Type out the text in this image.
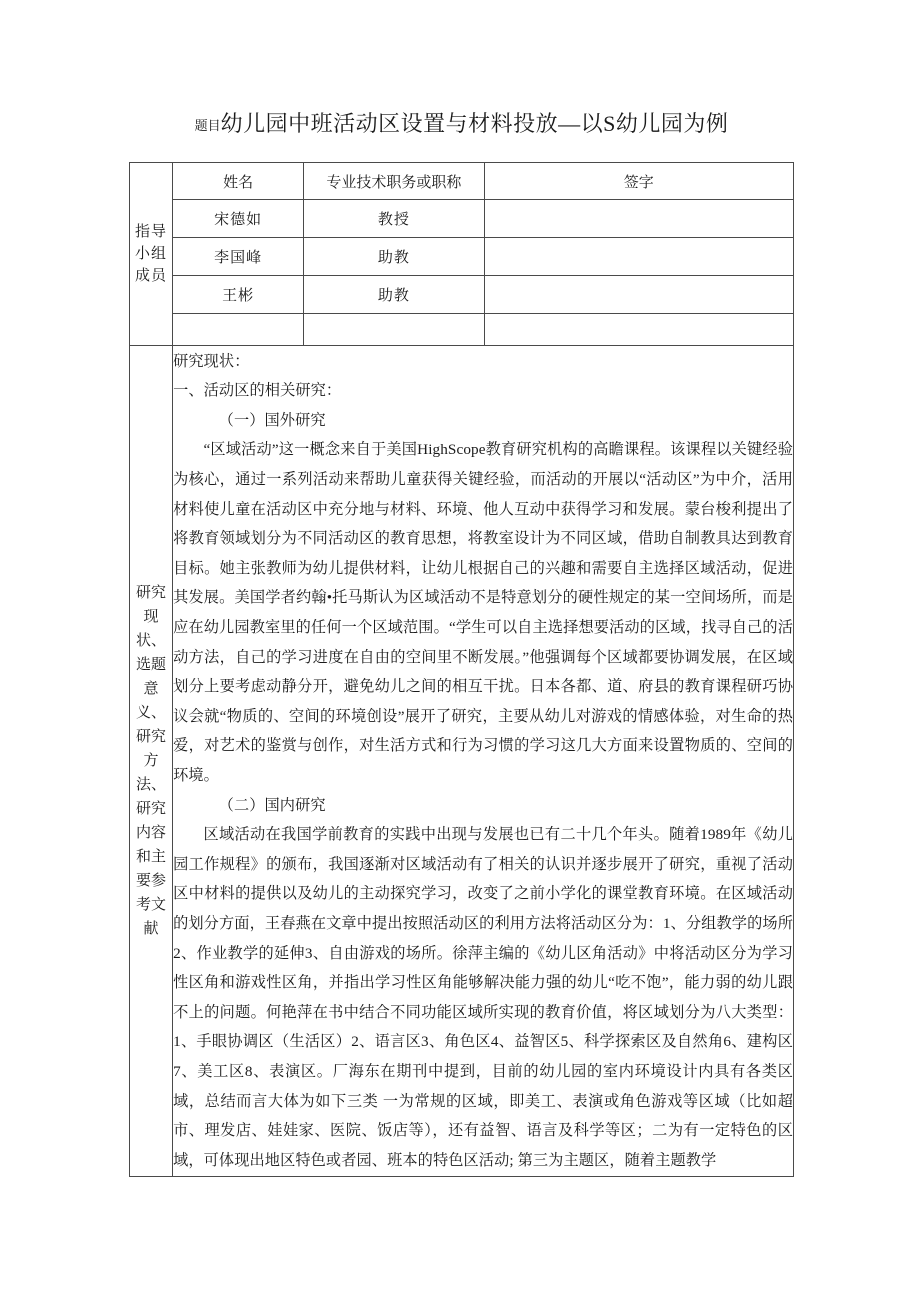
题目幼儿园中班活动区设置与材料投放—以S幼儿园为例
指导小组成员	姓名	专业技术职务或职称	签字
	宋德如	教授	
	李国峰	助教	
	王彬	助教	

研究现状、选题意义、研究方法、研究内容和主要参考文献

研究现状：

一、活动区的相关研究：

（一）国外研究

“区域活动”这一概念来自于美国HighScope教育研究机构的高瞻课程。该课程以关键经验为核心，通过一系列活动来帮助儿童获得关键经验，而活动的开展以“活动区”为中介，活用材料使儿童在活动区中充分地与材料、环境、他人互动中获得学习和发展。蒙台梭利提出了将教育领域划分为不同活动区的教育思想，将教室设计为不同区域，借助自制教具达到教育目标。她主张教师为幼儿提供材料，让幼儿根据自己的兴趣和需要自主选择区域活动，促进其发展。美国学者约翰•托马斯认为区域活动不是特意划分的硬性规定的某一空间场所，而是应在幼儿园教室里的任何一个区域范围。“学生可以自主选择想要活动的区域，找寻自己的活动方法，自己的学习进度在自由的空间里不断发展。”他强调每个区域都要协调发展，在区域划分上要考虑动静分开，避免幼儿之间的相互干扰。日本各都、道、府县的教育课程研巧协议会就“物质的、空间的环境创设”展开了研究，主要从幼儿对游戏的情感体验，对生命的热爱，对艺术的鉴赏与创作，对生活方式和行为习惯的学习这几大方面来设置物质的、空间的环境。

（二）国内研究

区域活动在我国学前教育的实践中出现与发展也已有二十几个年头。随着1989年《幼儿园工作规程》的颁布，我国逐渐对区域活动有了相关的认识并逐步展开了研究，重视了活动区中材料的提供以及幼儿的主动探究学习，改变了之前小学化的课堂教育环境。在区域活动的划分方面，王春燕在文章中提出按照活动区的利用方法将活动区分为：1、分组教学的场所2、作业教学的延伸3、自由游戏的场所。徐萍主编的《幼儿区角活动》中将活动区分为学习性区角和游戏性区角，并指出学习性区角能够解决能力强的幼儿“吃不饱”，能力弱的幼儿跟不上的问题。何艳萍在书中结合不同功能区域所实现的教育价值，将区域划分为八大类型：1、手眼协调区（生活区）2、语言区3、角色区4、益智区5、科学探索区及自然角6、建构区7、美工区8、表演区。厂海东在期刊中提到，目前的幼儿园的室内环境设计内具有各类区域，总结而言大体为如下三类 一为常规的区域，即美工、表演或角色游戏等区域（比如超市、理发店、娃娃家、医院、饭店等），还有益智、语言及科学等区；二为有一定特色的区域，可体现出地区特色或者园、班本的特色区活动; 第三为主题区，随着主题教学
